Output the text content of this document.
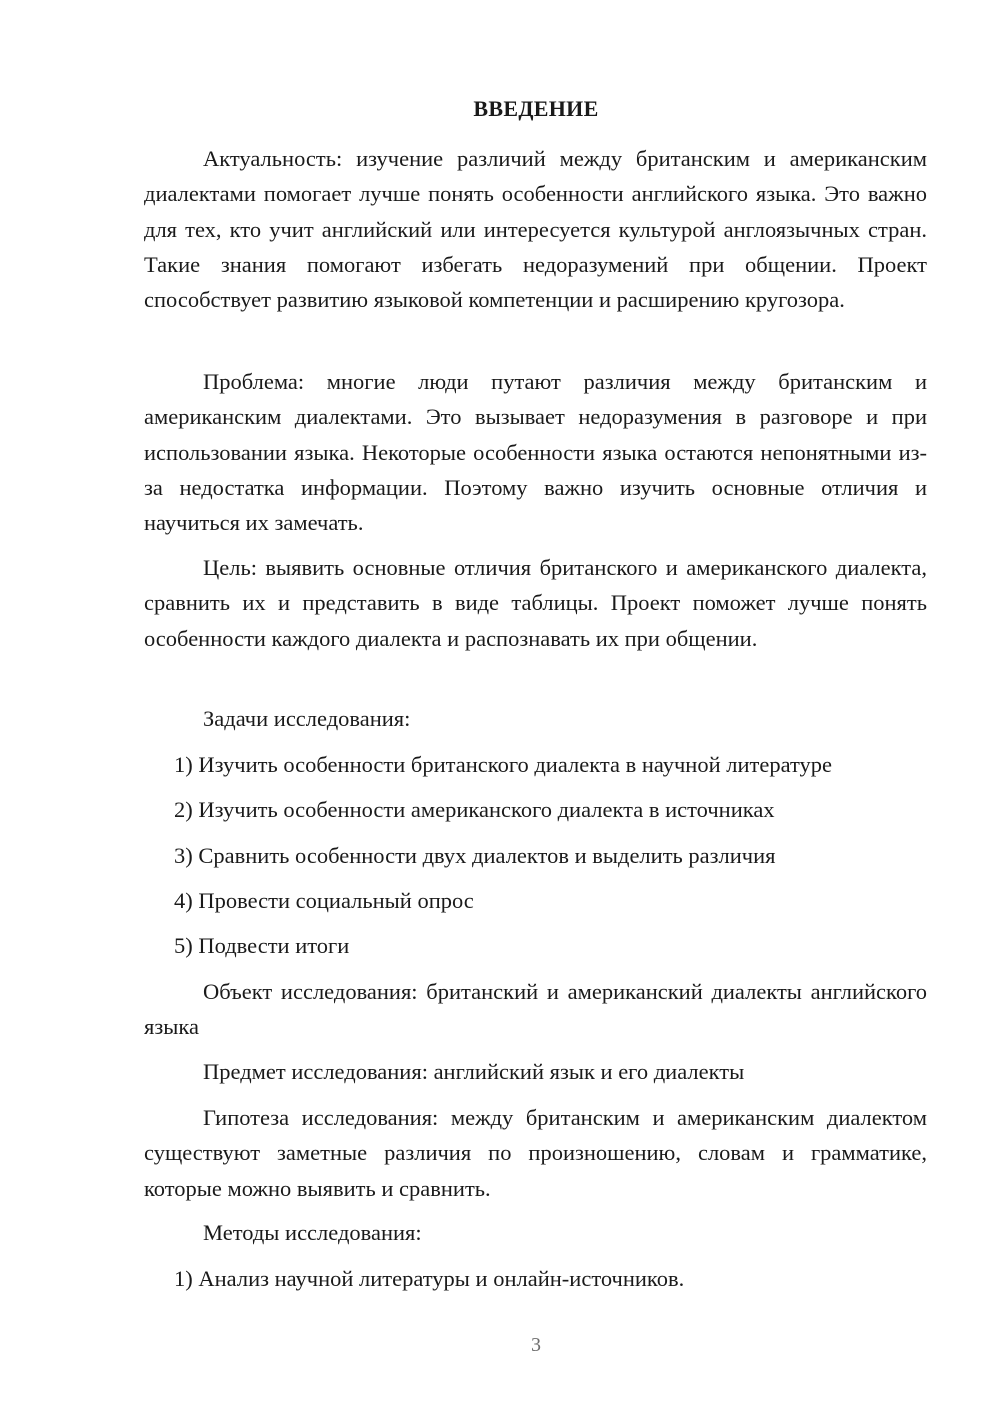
ВВЕДЕНИЕ

Актуальность: изучение различий между британским и американским диалектами помогает лучше понять особенности английского языка. Это важно для тех, кто учит английский или интересуется культурой англоязычных стран. Такие знания помогают избегать недоразумений при общении. Проект способствует развитию языковой компетенции и расширению кругозора.

Проблема: многие люди путают различия между британским и американским диалектами. Это вызывает недоразумения в разговоре и при использовании языка. Некоторые особенности языка остаются непонятными из-за недостатка информации. Поэтому важно изучить основные отличия и научиться их замечать.

Цель: выявить основные отличия британского и американского диалекта, сравнить их и представить в виде таблицы. Проект поможет лучше понять особенности каждого диалекта и распознавать их при общении.

Задачи исследования:
1) Изучить особенности британского диалекта в научной литературе
2) Изучить особенности американского диалекта в источниках
3) Сравнить особенности двух диалектов и выделить различия
4) Провести социальный опрос
5) Подвести итоги

Объект исследования: британский и американский диалекты английского языка

Предмет исследования: английский язык и его диалекты

Гипотеза исследования: между британским и американским диалектом существуют заметные различия по произношению, словам и грамматике, которые можно выявить и сравнить.

Методы исследования:
1) Анализ научной литературы и онлайн-источников.
3
